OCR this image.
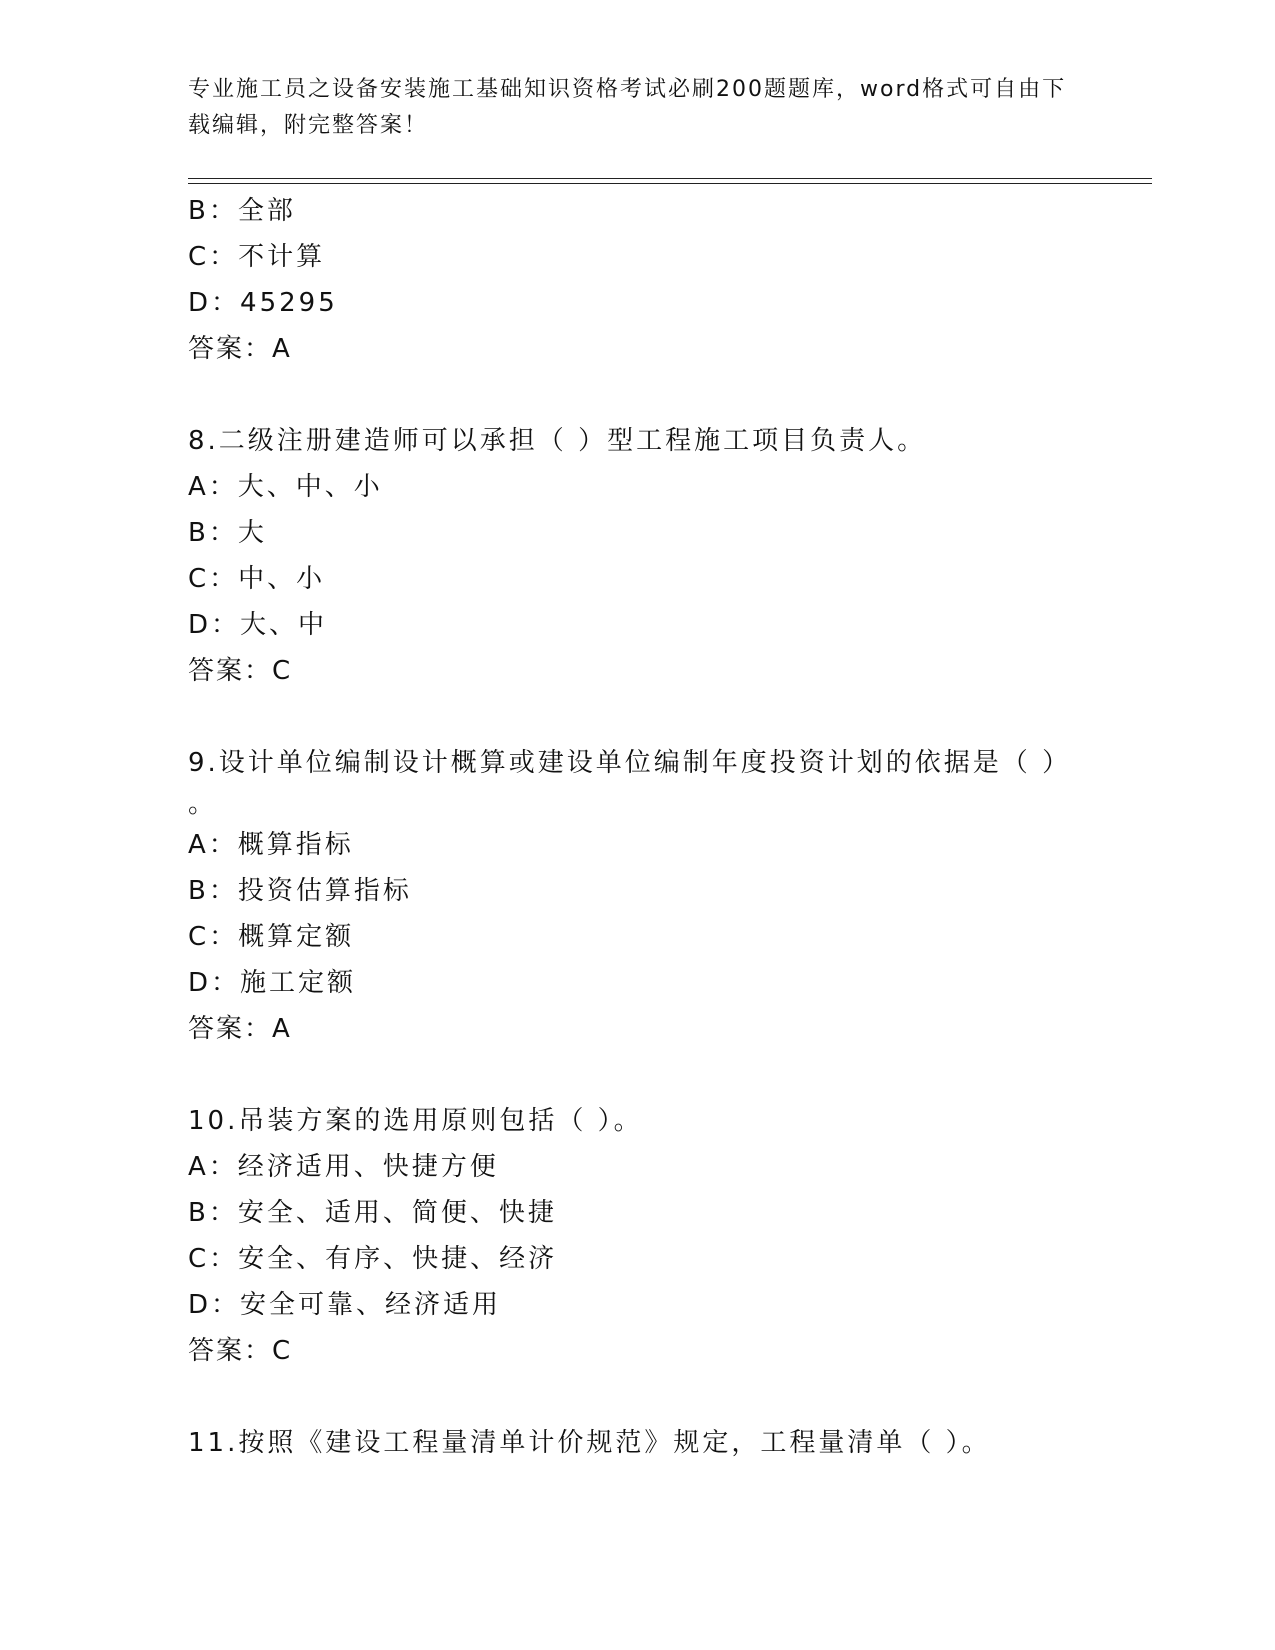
专业施工员之设备安装施工基础知识资格考试必刷200题题库，word格式可自由下载编辑，附完整答案！

B：全部
C：不计算
D：45295
答案：A
8.二级注册建造师可以承担（ ）型工程施工项目负责人。
A：大、中、小
B：大
C：中、小
D：大、中
答案：C
9.设计单位编制设计概算或建设单位编制年度投资计划的依据是（ ）
。
A：概算指标
B：投资估算指标
C：概算定额
D：施工定额
答案：A
10.吊装方案的选用原则包括（ ）。
A：经济适用、快捷方便
B：安全、适用、简便、快捷
C：安全、有序、快捷、经济
D：安全可靠、经济适用
答案：C
11.按照《建设工程量清单计价规范》规定，工程量清单（ ）。
